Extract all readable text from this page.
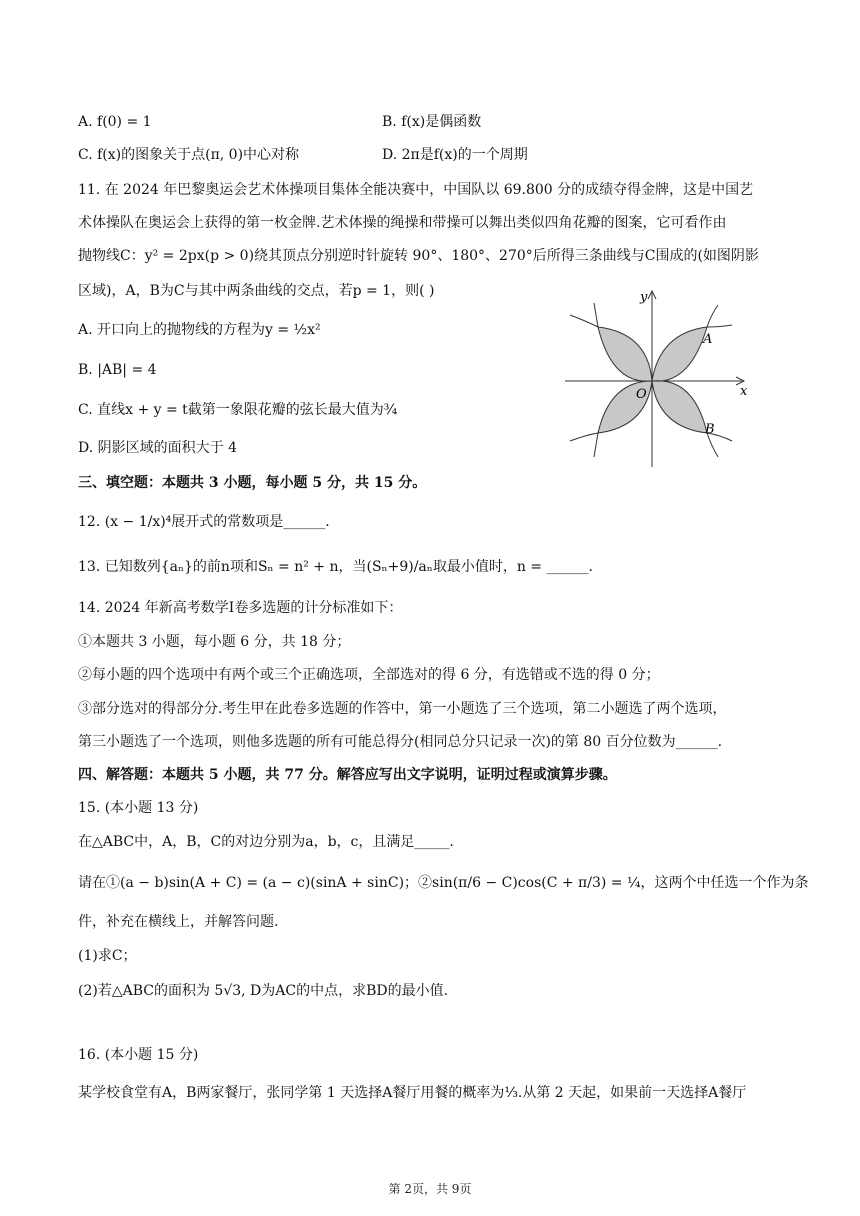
A. f(0) = 1	B. f(x)是偶函数
C. f(x)的图象关于点(π, 0)中心对称	D. 2π是f(x)的一个周期
11. 在 2024 年巴黎奥运会艺术体操项目集体全能决赛中，中国队以 69.800 分的成绩夺得金牌，这是中国艺
术体操队在奥运会上获得的第一枚金牌.艺术体操的绳操和带操可以舞出类似四角花瓣的图案，它可看作由
抛物线C：y² = 2px(p > 0)绕其顶点分别逆时针旋转 90°、180°、270°后所得三条曲线与C围成的(如图阴影
区域)，A，B为C与其中两条曲线的交点，若p = 1，则( )
A. 开口向上的抛物线的方程为y = ½x²
B. |AB| = 4
C. 直线x + y = t截第一象限花瓣的弦长最大值为¾
D. 阴影区域的面积大于 4
x
y
O
A
B
三、填空题：本题共 3 小题，每小题 5 分，共 15 分。
12. (x − 1/x)⁴展开式的常数项是______.
13. 已知数列{aₙ}的前n项和Sₙ = n² + n，当(Sₙ+9)/aₙ取最小值时，n = ______.
14. 2024 年新高考数学I卷多选题的计分标准如下：
①本题共 3 小题，每小题 6 分，共 18 分；
②每小题的四个选项中有两个或三个正确选项，全部选对的得 6 分，有选错或不选的得 0 分；
③部分选对的得部分分.考生甲在此卷多选题的作答中，第一小题选了三个选项，第二小题选了两个选项，
第三小题选了一个选项，则他多选题的所有可能总得分(相同总分只记录一次)的第 80 百分位数为______.
四、解答题：本题共 5 小题，共 77 分。解答应写出文字说明，证明过程或演算步骤。
15. (本小题 13 分)
在△ABC中，A，B，C的对边分别为a，b，c，且满足_____.
请在①(a − b)sin(A + C) = (a − c)(sinA + sinC)；②sin(π/6 − C)cos(C + π/3) = ¼，这两个中任选一个作为条
件，补充在横线上，并解答问题.
(1)求C；
(2)若△ABC的面积为 5√3, D为AC的中点，求BD的最小值.
16. (本小题 15 分)
某学校食堂有A，B两家餐厅，张同学第 1 天选择A餐厅用餐的概率为⅓.从第 2 天起，如果前一天选择A餐厅
第 2页，共 9页
